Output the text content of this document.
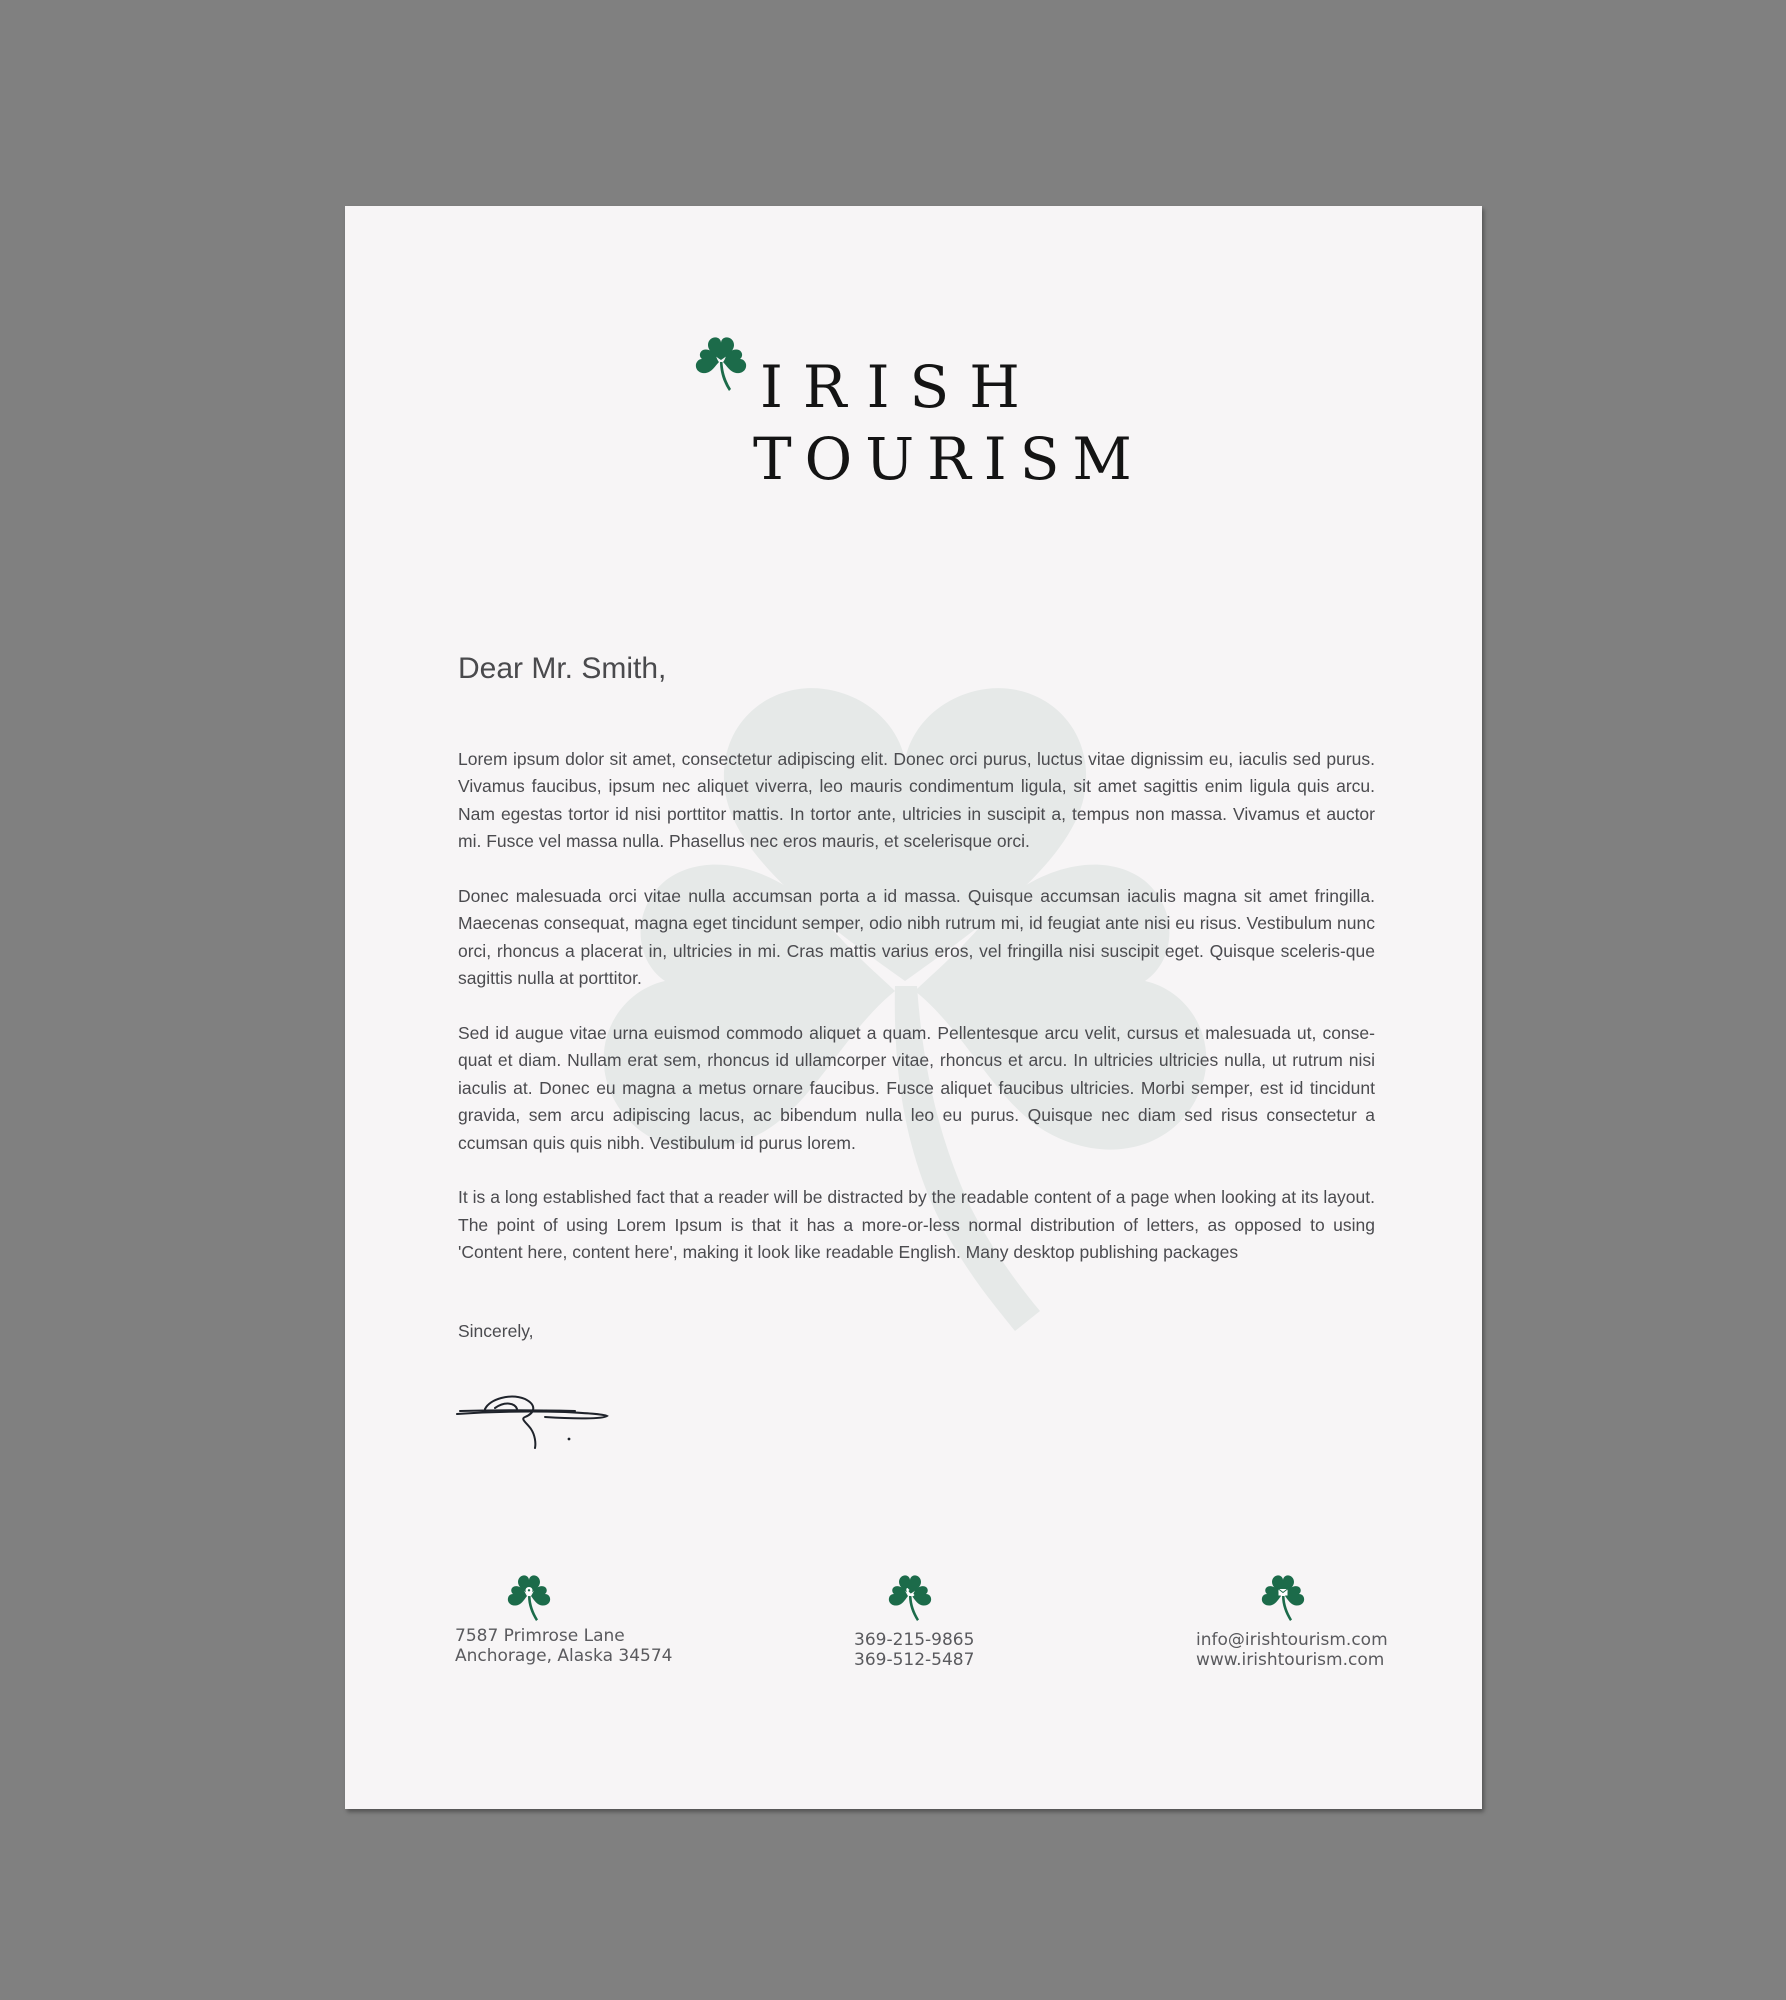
IRISH
TOURISM
Dear Mr. Smith,

Lorem ipsum dolor sit amet, consectetur adipiscing elit. Donec orci purus, luctus vitae dignissim eu, iaculis sed purus. Vivamus faucibus, ipsum nec aliquet viverra, leo mauris condimentum ligula, sit amet sagittis enim ligula quis arcu. Nam egestas tortor id nisi porttitor mattis. In tortor ante, ultricies in suscipit a, tempus non massa. Vivamus et auctor mi. Fusce vel massa nulla. Phasellus nec eros mauris, et scelerisque orci.

Donec malesuada orci vitae nulla accumsan porta a id massa. Quisque accumsan iaculis magna sit amet fringilla. Maecenas consequat, magna eget tincidunt semper, odio nibh rutrum mi, id feugiat ante nisi eu risus. Vestibulum nunc orci, rhoncus a placerat in, ultricies in mi. Cras mattis varius eros, vel fringilla nisi suscipit eget. Quisque sceleris-que sagittis nulla at porttitor.

Sed id augue vitae urna euismod commodo aliquet a quam. Pellentesque arcu velit, cursus et malesuada ut, conse-quat et diam. Nullam erat sem, rhoncus id ullamcorper vitae, rhoncus et arcu. In ultricies ultricies nulla, ut rutrum nisi iaculis at. Donec eu magna a metus ornare faucibus. Fusce aliquet faucibus ultricies. Morbi semper, est id tincidunt gravida, sem arcu adipiscing lacus, ac bibendum nulla leo eu purus. Quisque nec diam sed risus consectetur a ccumsan quis quis nibh. Vestibulum id purus lorem.

It is a long established fact that a reader will be distracted by the readable content of a page when looking at its layout. The point of using Lorem Ipsum is that it has a more-or-less normal distribution of letters, as opposed to using 'Content here, content here', making it look like readable English. Many desktop publishing packages

Sincerely,
7587 Primrose Lane
Anchorage, Alaska 34574
369-215-9865
369-512-5487
info@irishtourism.com
www.irishtourism.com
